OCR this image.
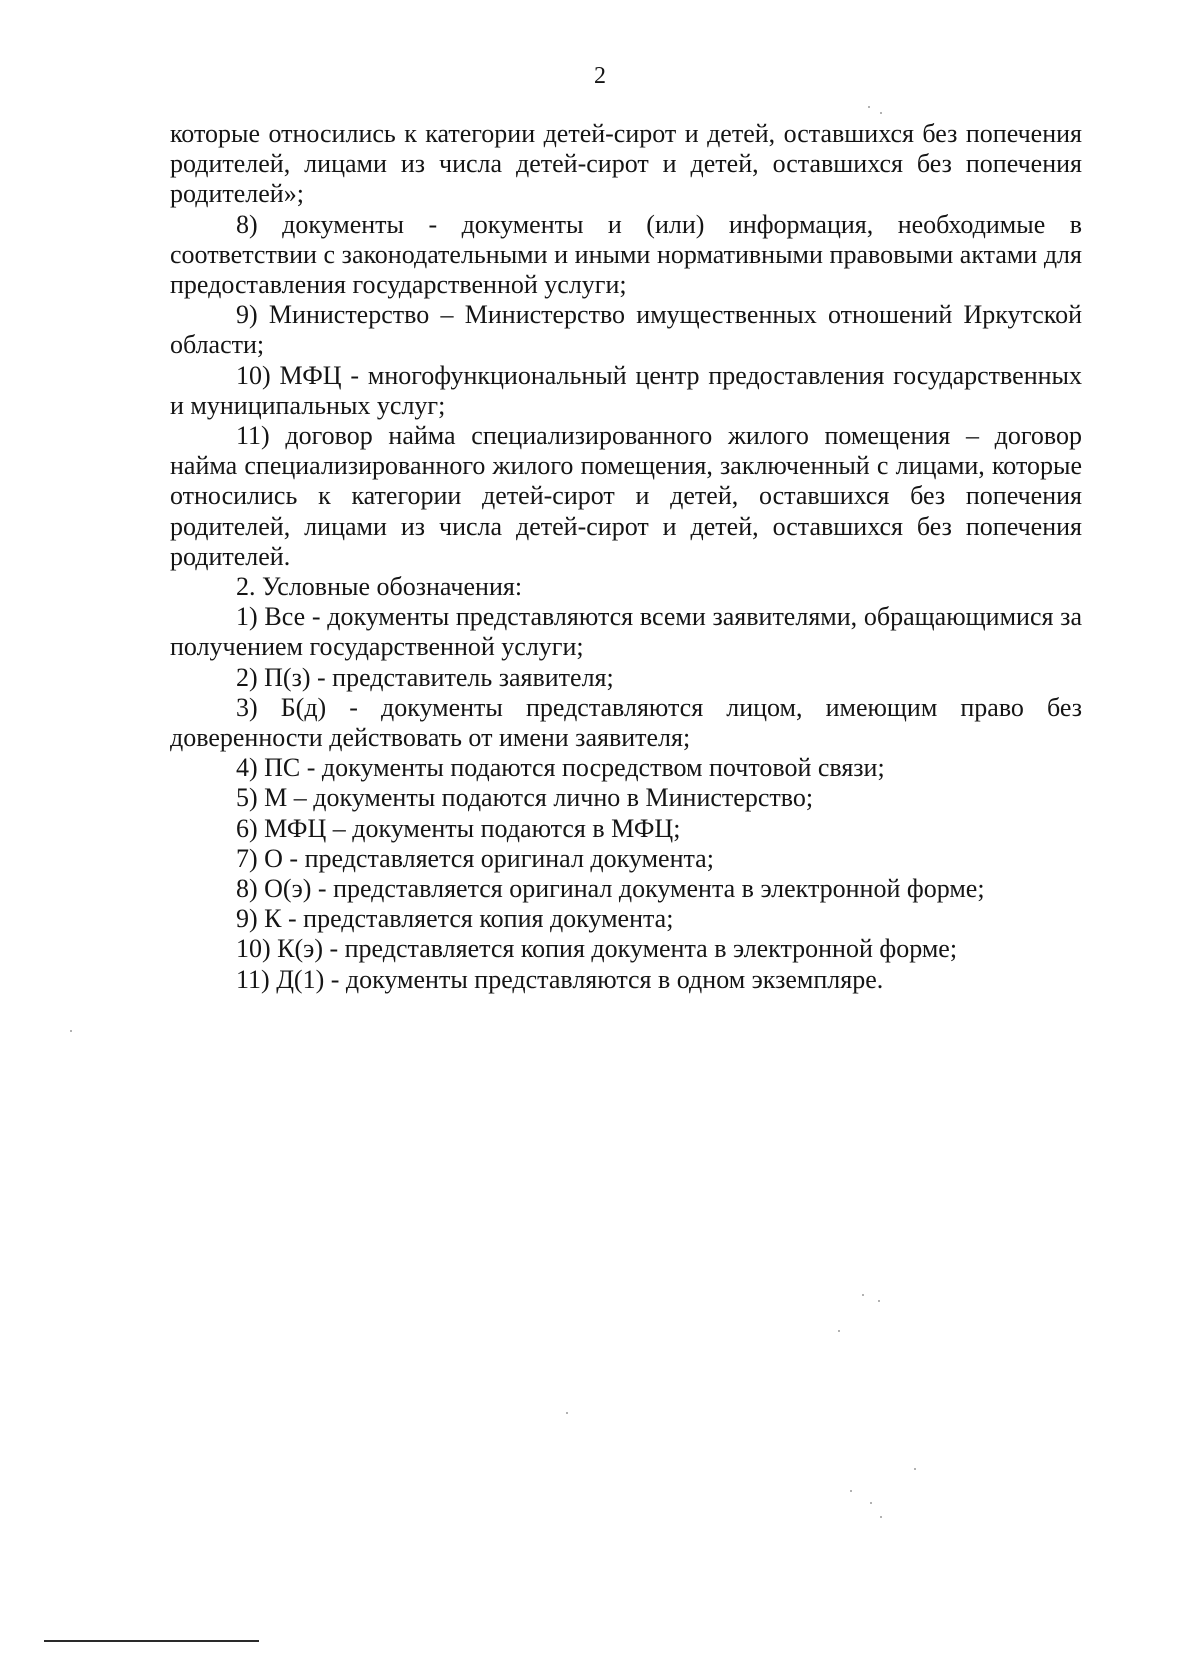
2

которые относились к категории детей-сирот и детей, оставшихся без попечения родителей, лицами из числа детей-сирот и детей, оставшихся без попечения родителей»;

8) документы - документы и (или) информация, необходимые в соответствии с законодательными и иными нормативными правовыми актами для предоставления государственной услуги;

9) Министерство – Министерство имущественных отношений Иркутской области;

10) МФЦ - многофункциональный центр предоставления государственных и муниципальных услуг;

11) договор найма специализированного жилого помещения – договор найма специализированного жилого помещения, заключенный с лицами, которые относились к категории детей-сирот и детей, оставшихся без попечения родителей, лицами из числа детей-сирот и детей, оставшихся без попечения родителей.

2. Условные обозначения:

1) Все - документы представляются всеми заявителями, обращающимися за получением государственной услуги;

2) П(з) - представитель заявителя;

3) Б(д) - документы представляются лицом, имеющим право без доверенности действовать от имени заявителя;

4) ПС - документы подаются посредством почтовой связи;

5) М – документы подаются лично в Министерство;

6) МФЦ – документы подаются в МФЦ;

7) О - представляется оригинал документа;

8) О(э) - представляется оригинал документа в электронной форме;

9) К - представляется копия документа;

10) К(э) - представляется копия документа в электронной форме;

11) Д(1) - документы представляются в одном экземпляре.
